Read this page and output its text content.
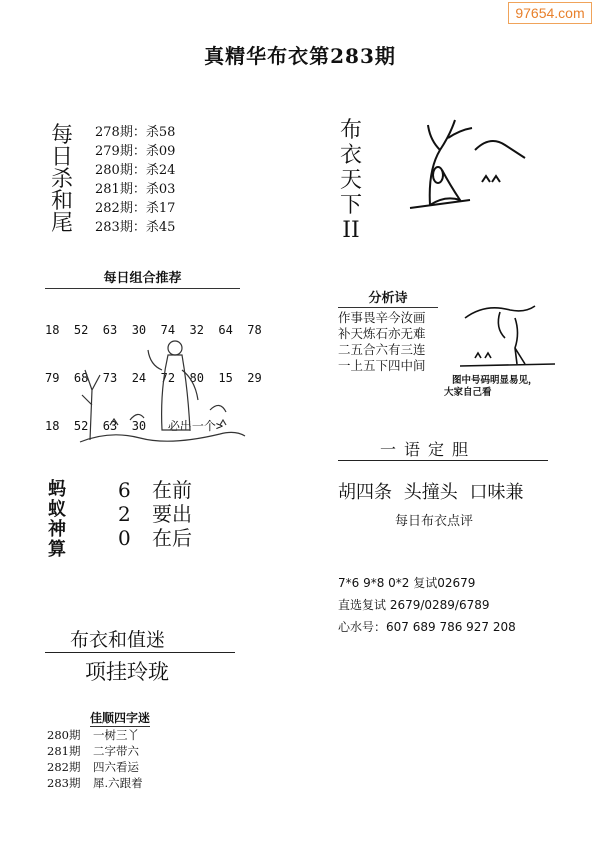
97654.com
真精华布衣第283期
每
日
杀
和
尾
278期：杀58
279期：杀09
280期：杀24
281期：杀03
282期：杀17
283期：杀45
每日组合推荐

18  52  63  30  74  32  64  78

79  68  73  24  72  80  15  29

18  52  63  30   必出一个>

蚂
蚁
神
算
6 在前
2 要出
0 在后
布衣和值迷
项挂玲珑
佳顺四字迷
280期 一树三丫
281期 二字带六
282期 四六看运
283期 犀.六跟着
布
衣
天
下
II
分析诗
作事畏辛今汝画
补天炼石亦无难
二五合六有三连
一上五下四中间
图中号码明显易见，
大家自己看
一语定胆
胡四条 头撞头 口味兼
每日布衣点评
7*6 9*8 0*2 复试02679
直选复试 2679/0289/6789
心水号：607 689 786 927 208
